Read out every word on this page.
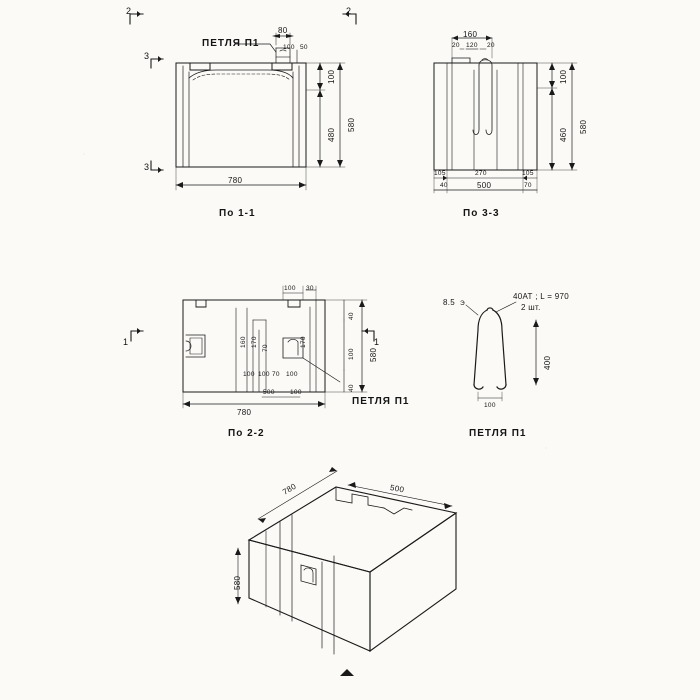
2	2
3
3
ПЕТЛЯ П1
80
100 50
100
480
580
780
По 1-1
160
20 120 20
100
460
580
105	270	105
40	500	70
По 3-3
1	1
100 30
160 170
70
100 100 70 100
170
40
100
40
580
500 100
780
ПЕТЛЯ П1
По 2-2
8.5 Э
40АТ ; L = 970
2 шт.
400
100
ПЕТЛЯ П1
780	500
580
